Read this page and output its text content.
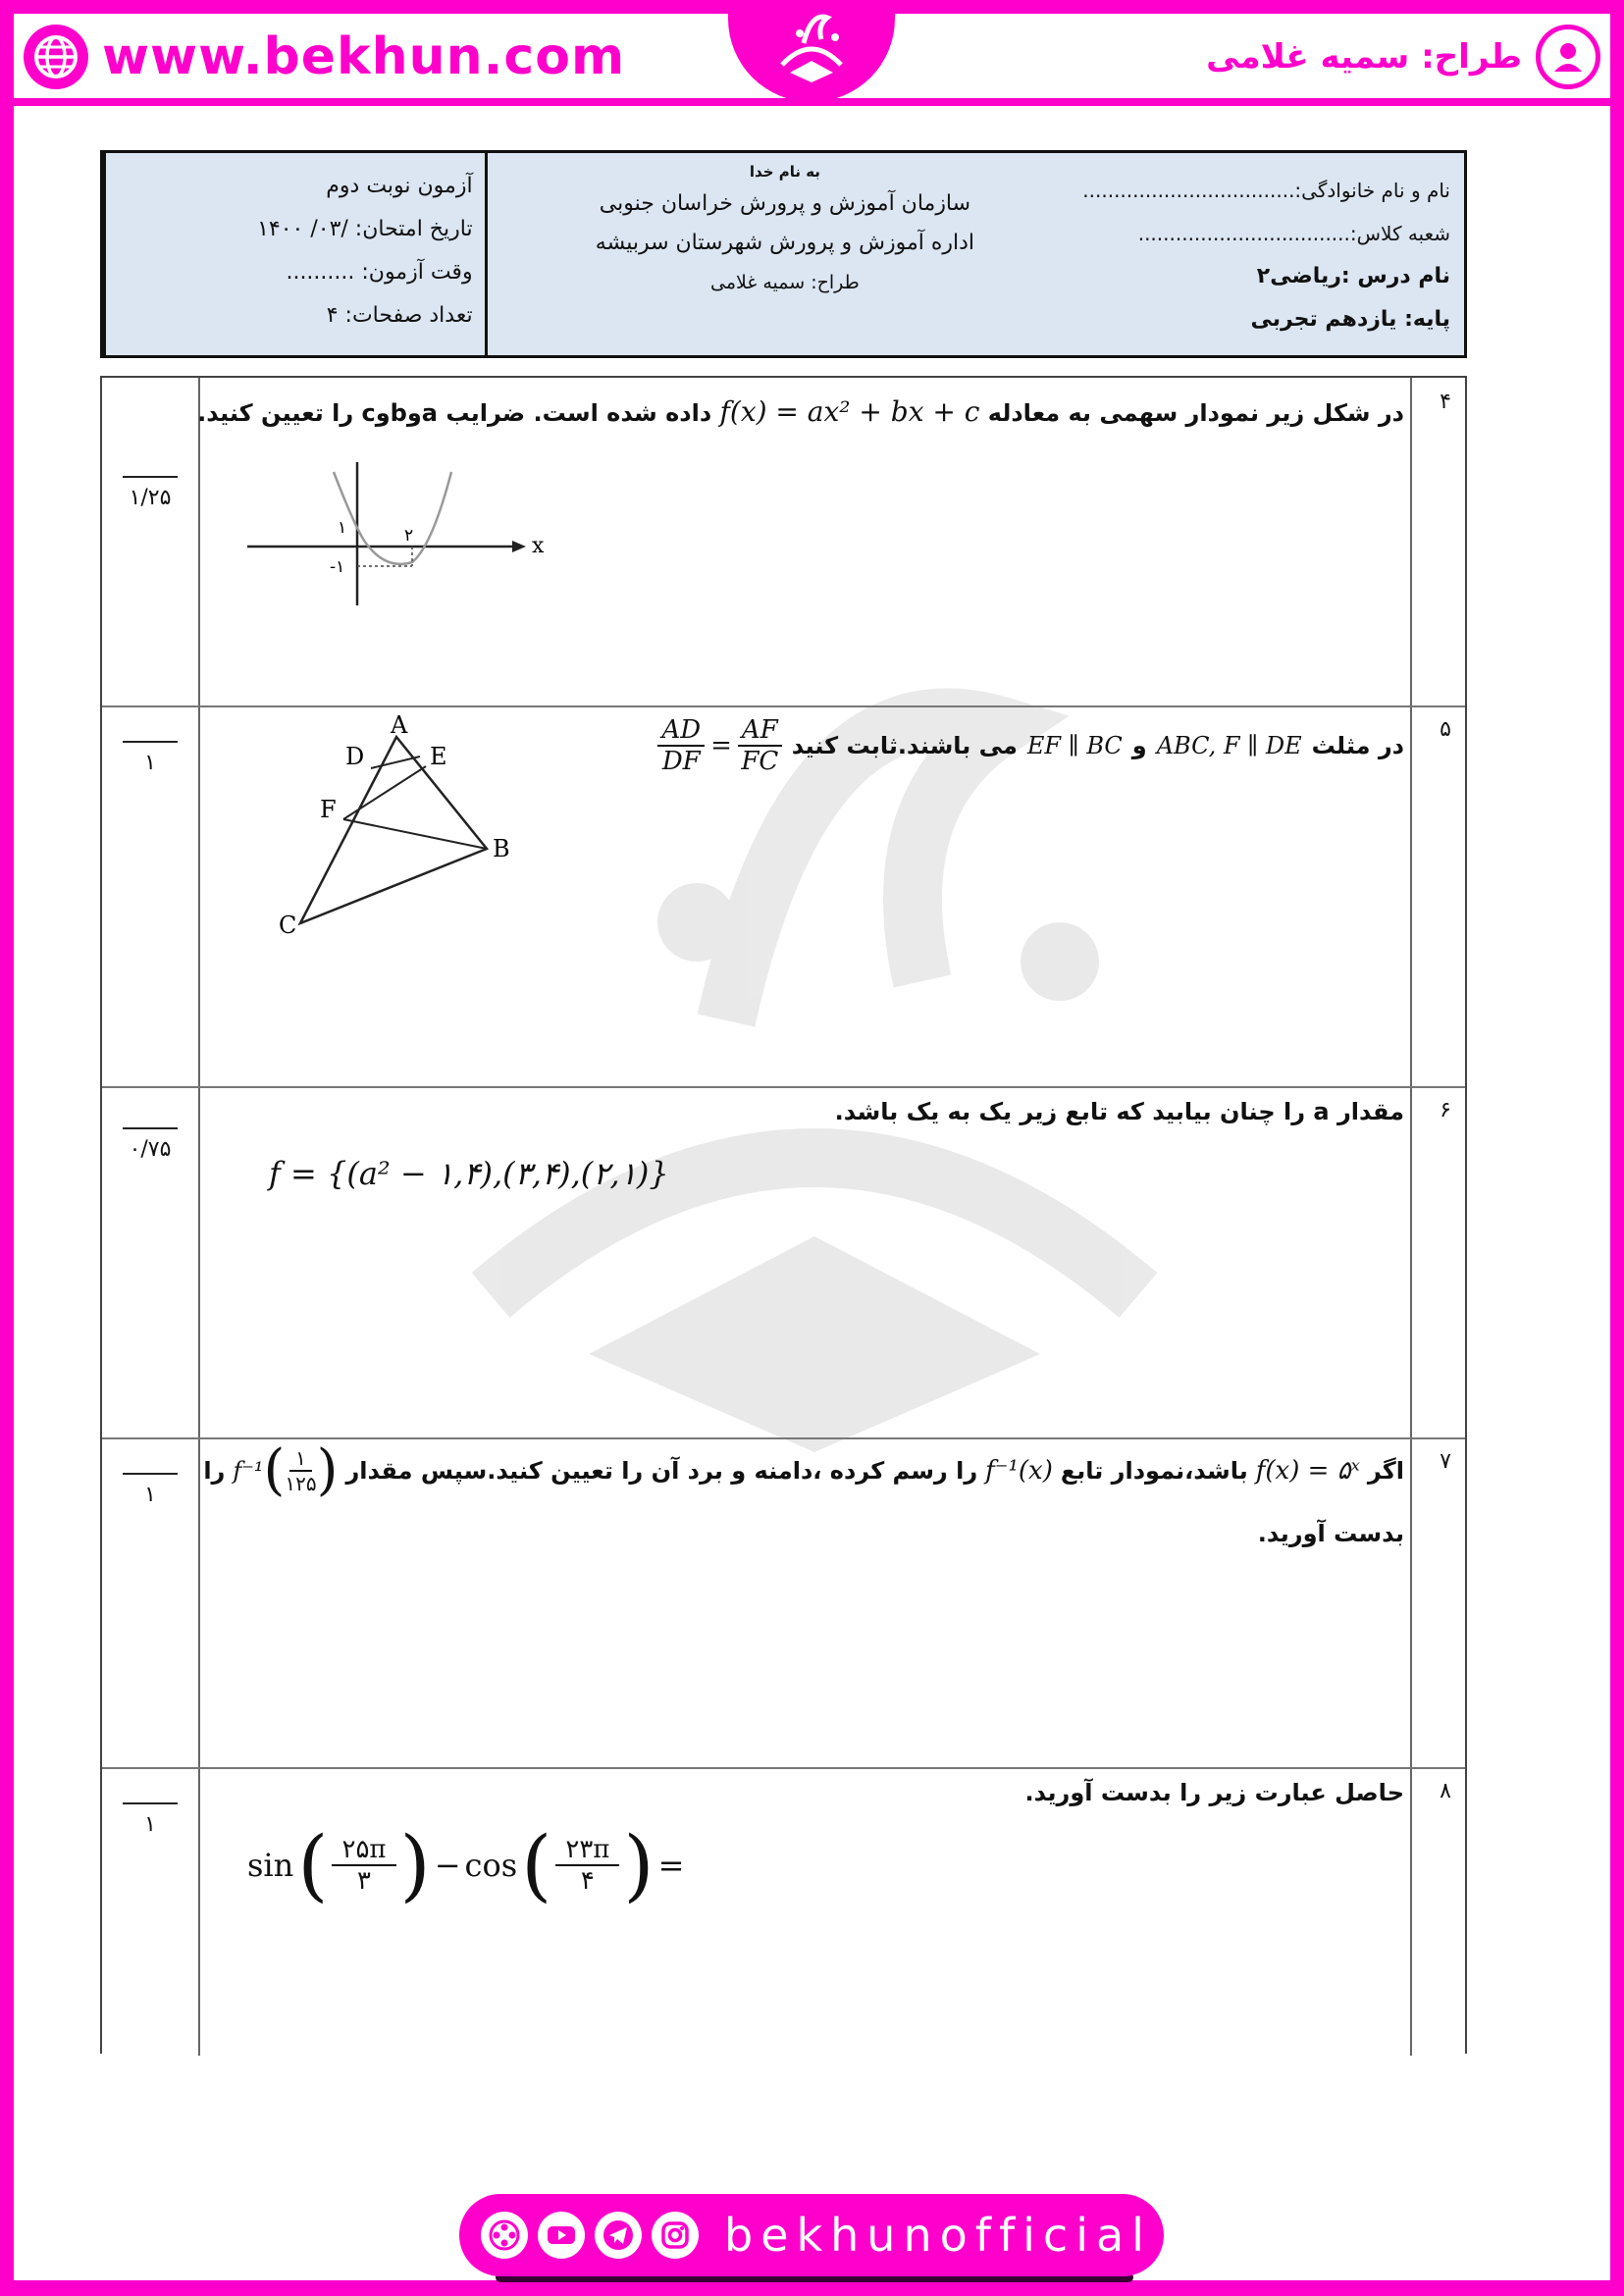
www.bekhun.com	طراح: سمیه غلامی
نام و نام خانوادگی:..................................
شعبه کلاس:..................................
نام درس :ریاضی۲
پایه: یازدهم تجربی
به نام خدا
سازمان آموزش و پرورش خراسان جنوبی
اداره آموزش و پرورش شهرستان سربیشه
طراح: سمیه غلامی
آزمون نوبت دوم
تاریخ امتحان: /۰۳/ ۱۴۰۰
وقت آزمون: ..........
تعداد صفحات: ۴
۴
در شکل زیر نمودار سهمی به معادله f(x) = ax² + bx + c داده شده است. ضرایب aوbوc را تعیین کنید.
۱/۲۵
x
۱
-۱
۲
۵
در مثلث
ABC, F ∥ DE
و
EF ∥ BC
می باشند.ثابت کنید
$\frac{AD}{DF} = \frac{AF}{FC}$
۱
A
B
C
D	E
F
۶
مقدار a را چنان بیابید که تابع زیر یک به یک باشد.
۰/۷۵
f = {(a² − ۱,۴),(۳,۴),(۲,۱)}
۷
اگر
f(x) = ۵ˣ
باشد،نمودار تابع
f⁻¹(x)
را رسم کرده ،دامنه و برد آن را تعیین کنید.سپس مقدار
f⁻¹ ( ۱
۱۲۵ )
را
بدست آورید.
۱
۸
حاصل عبارت زیر را بدست آورید.
۱
sin ( ۲۵π
۳ ) − cos ( ۲۳π
۴ ) =
bekhunofficial
